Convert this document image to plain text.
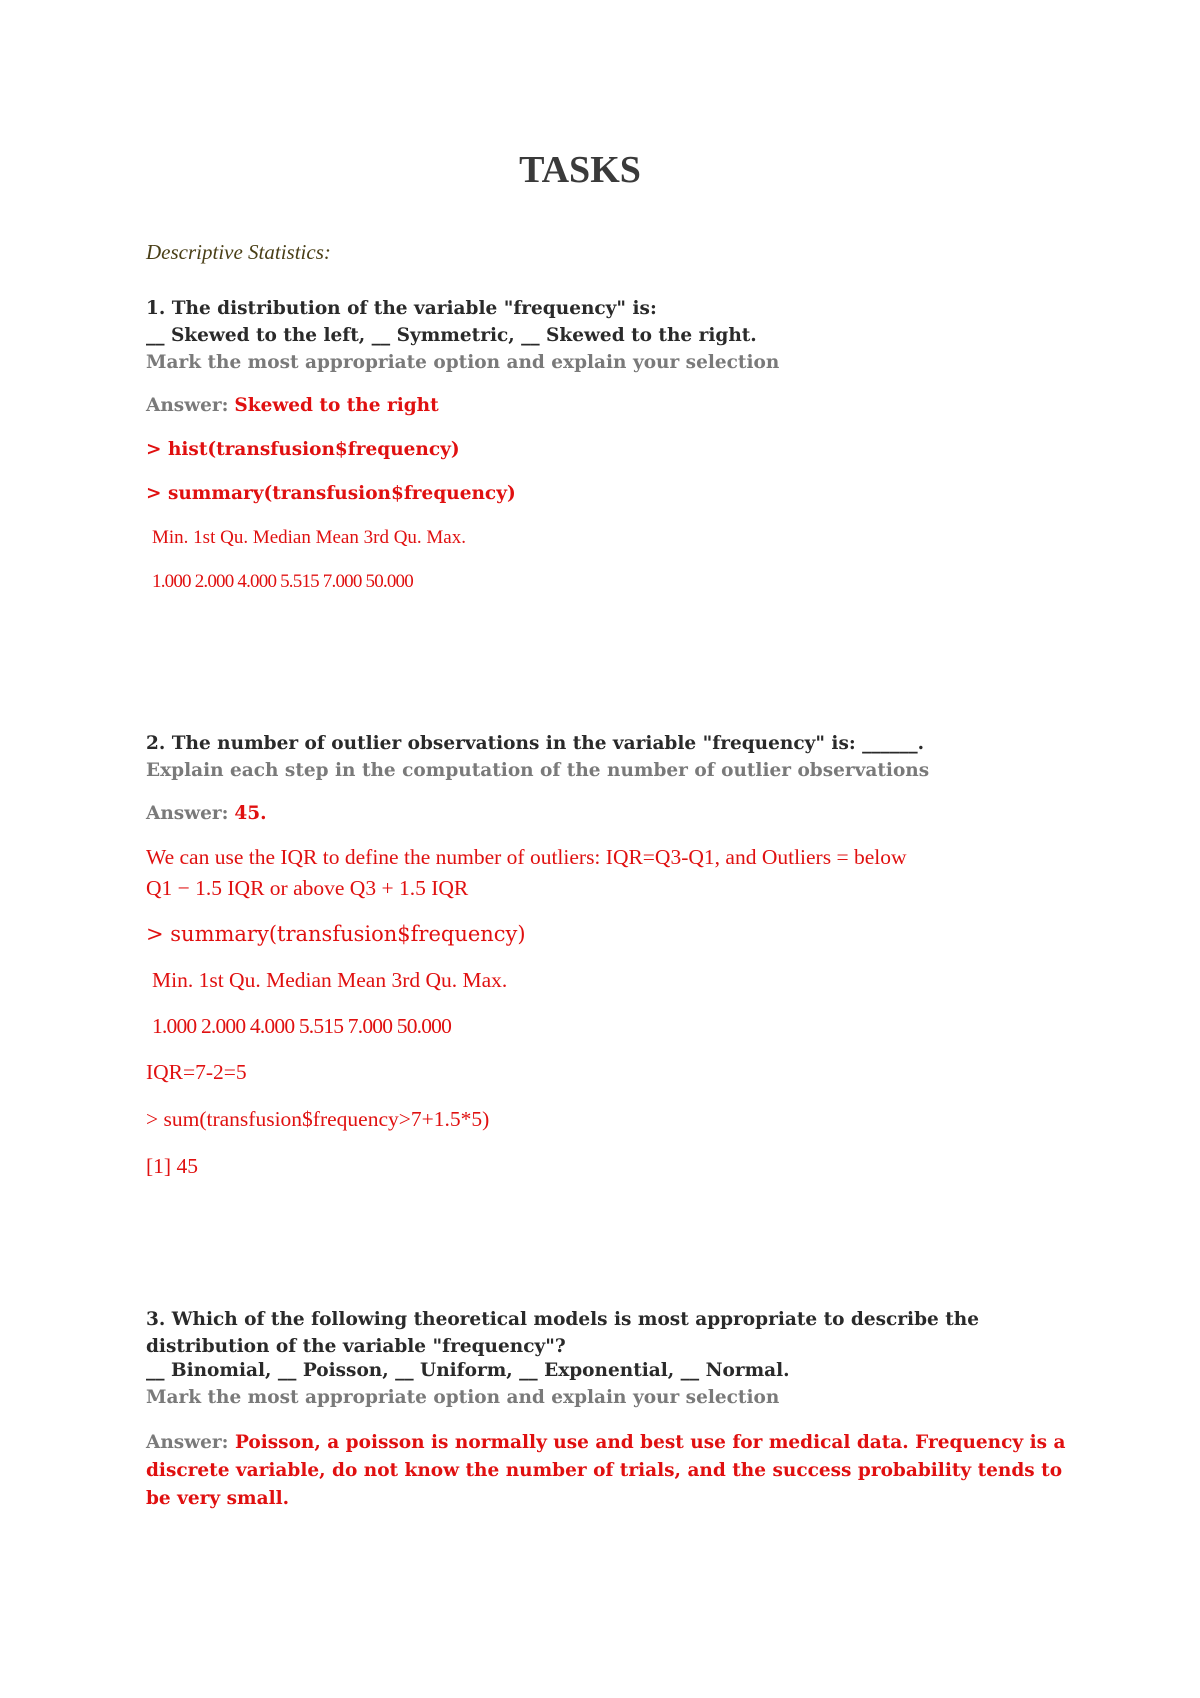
TASKS
Descriptive Statistics:
1. The distribution of the variable "frequency" is:
__ Skewed to the left, __ Symmetric, __ Skewed to the right.
Mark the most appropriate option and explain your selection
Answer: Skewed to the right
> hist(transfusion$frequency)
> summary(transfusion$frequency)
Min. 1st Qu. Median Mean 3rd Qu. Max.
1.000 2.000 4.000 5.515 7.000 50.000
2. The number of outlier observations in the variable "frequency" is: ______.
Explain each step in the computation of the number of outlier observations
Answer: 45.
We can use the IQR to define the number of outliers: IQR=Q3-Q1, and Outliers = below
Q1 − 1.5 IQR or above Q3 + 1.5 IQR
> summary(transfusion$frequency)
Min. 1st Qu. Median Mean 3rd Qu. Max.
1.000 2.000 4.000 5.515 7.000 50.000
IQR=7-2=5
> sum(transfusion$frequency>7+1.5*5)
[1] 45
3. Which of the following theoretical models is most appropriate to describe the distribution of the variable "frequency"?
__ Binomial, __ Poisson, __ Uniform, __ Exponential, __ Normal.
Mark the most appropriate option and explain your selection
Answer: Poisson, a poisson is normally use and best use for medical data. Frequency is a discrete variable, do not know the number of trials, and the success probability tends to be very small.
